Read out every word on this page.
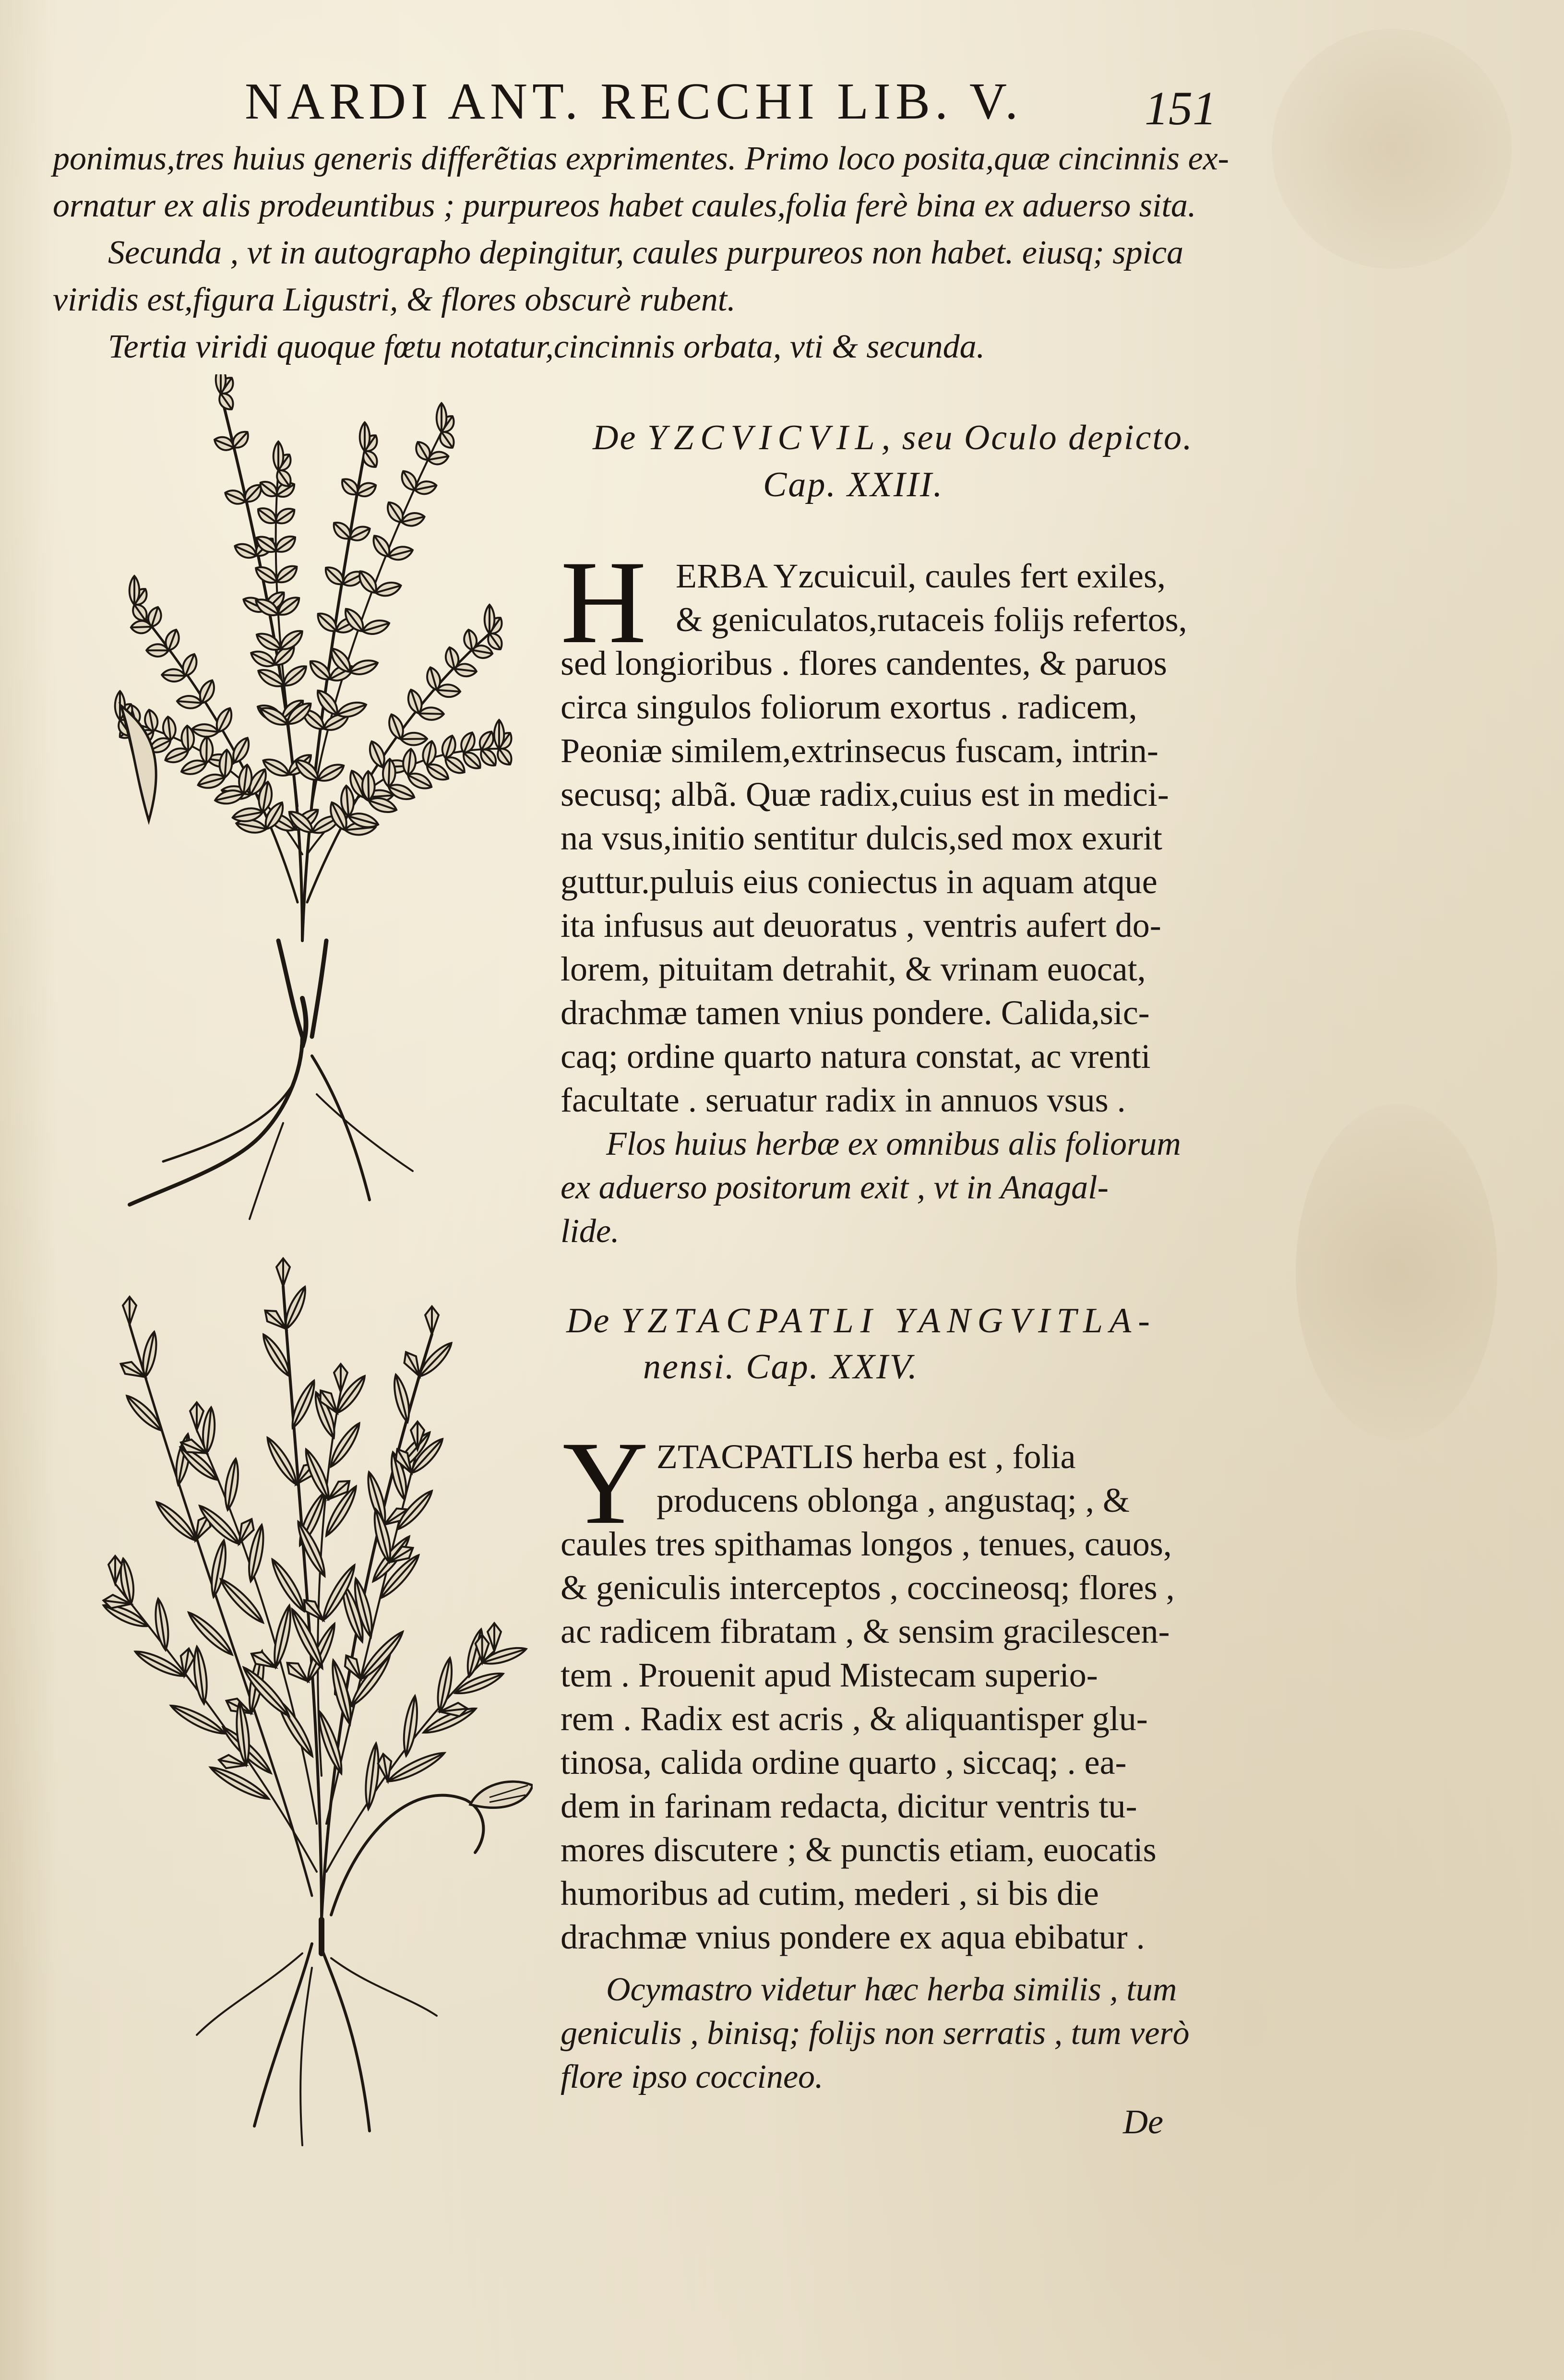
NARDI ANT. RECCHI LIB. V.	151
ponimus,tres huius generis differẽtias exprimentes. Primo loco posita,quæ cincinnis ex-
ornatur ex alis prodeuntibus ; purpureos habet caules,folia ferè bina ex aduerso sita.
Secunda , vt in autographo depingitur, caules purpureos non habet. eiusq; spica
viridis est,figura Ligustri, & flores obscurè rubent.
Tertia viridi quoque fœtu notatur,cincinnis orbata, vti & secunda.
De YZCVICVIL, seu Oculo depicto.
Cap. XXIII.
H ERBA Yzcuicuil, caules fert exiles,
& geniculatos,rutaceis folijs refertos,
sed longioribus . flores candentes, & paruos
circa singulos foliorum exortus . radicem,
Peoniæ similem,extrinsecus fuscam, intrin-
secusq; albã. Quæ radix,cuius est in medici-
na vsus,initio sentitur dulcis,sed mox exurit
guttur.puluis eius coniectus in aquam atque
ita infusus aut deuoratus , ventris aufert do-
lorem, pituitam detrahit, & vrinam euocat,
drachmæ tamen vnius pondere. Calida,sic-
caq; ordine quarto natura constat, ac vrenti
facultate . seruatur radix in annuos vsus .
Flos huius herbæ ex omnibus alis foliorum
ex aduerso positorum exit , vt in Anagal-
lide.
De YZTACPATLI YANGVITLA-
nensi. Cap. XXIV.
Y ZTACPATLIS herba est , folia
producens oblonga , angustaq; , &
caules tres spithamas longos , tenues, cauos,
& geniculis interceptos , coccineosq; flores ,
ac radicem fibratam , & sensim gracilescen-
tem . Prouenit apud Mistecam superio-
rem . Radix est acris , & aliquantisper glu-
tinosa, calida ordine quarto , siccaq; . ea-
dem in farinam redacta, dicitur ventris tu-
mores discutere ; & punctis etiam, euocatis
humoribus ad cutim, mederi , si bis die
drachmæ vnius pondere ex aqua ebibatur .
Ocymastro videtur hæc herba similis , tum
geniculis , binisq; folijs non serratis , tum verò
flore ipso coccineo.
De
